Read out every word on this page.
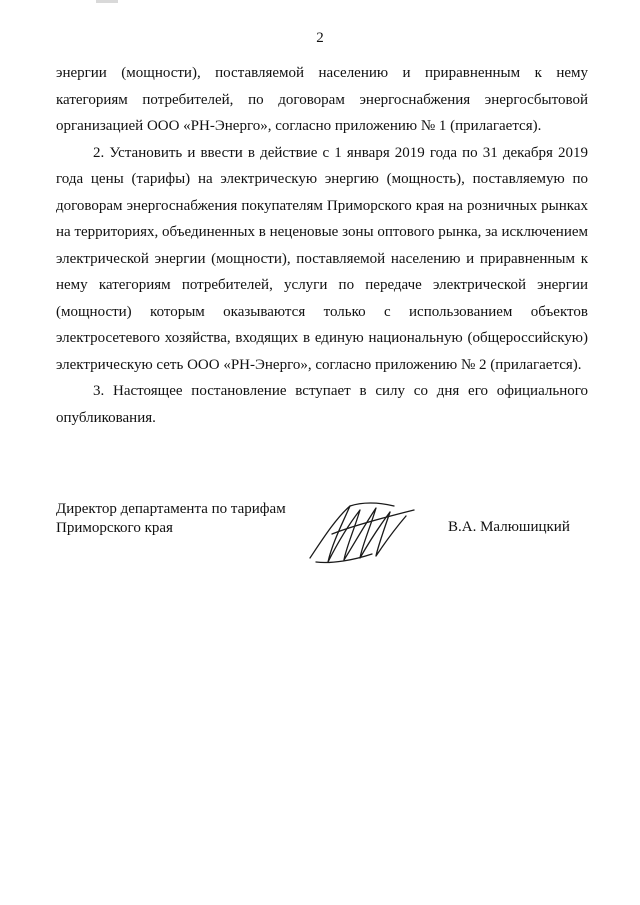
2

энергии (мощности), поставляемой населению и приравненным к нему категориям потребителей, по договорам энергоснабжения энергосбытовой организацией ООО «РН-Энерго», согласно приложению № 1 (прилагается).

2. Установить и ввести в действие с 1 января 2019 года по 31 декабря 2019 года цены (тарифы) на электрическую энергию (мощность), поставляемую по договорам энергоснабжения покупателям Приморского края на розничных рынках на территориях, объединенных в неценовые зоны оптового рынка, за исключением электрической энергии (мощности), поставляемой населению и приравненным к нему категориям потребителей, услуги по передаче электрической энергии (мощности) которым оказываются только с использованием объектов электросетевого хозяйства, входящих в единую национальную (общероссийскую) электрическую сеть ООО «РН-Энерго», согласно приложению № 2 (прилагается).

3. Настоящее постановление вступает в силу со дня его официального опубликования.

Директор департамента по тарифам
Приморского края	В.А. Малюшицкий
